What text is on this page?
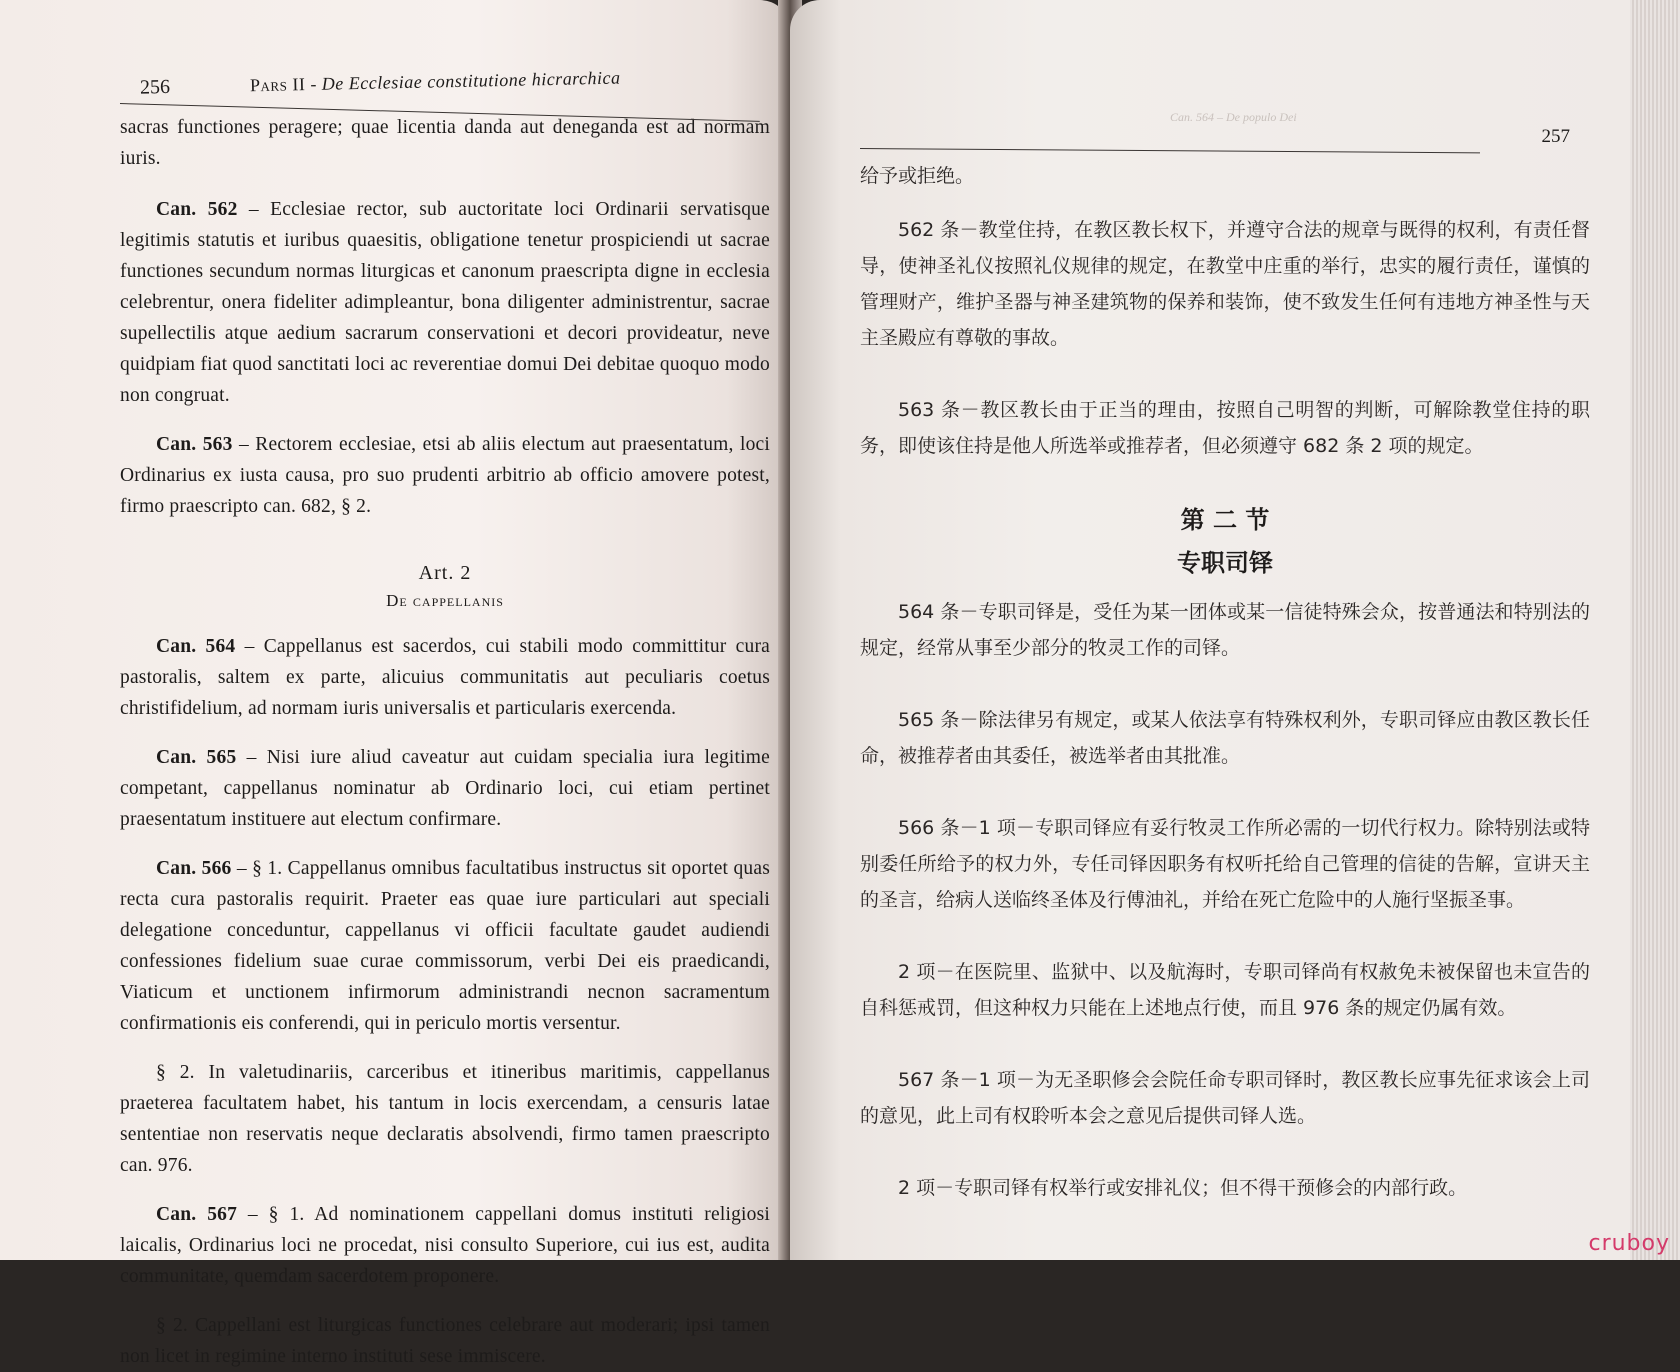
256	Pars II - De Ecclesiae constitutione hicrarchica

sacras functiones peragere; quae licentia danda aut deneganda est ad normam iuris.

Can. 562 – Ecclesiae rector, sub auctoritate loci Ordinarii servatisque legitimis statutis et iuribus quaesitis, obligatione tenetur prospiciendi ut sacrae functiones secundum normas liturgicas et canonum praescripta digne in ecclesia celebrentur, onera fideliter adimpleantur, bona diligenter administrentur, sacrae supellectilis atque aedium sacrarum conservationi et decori provideatur, neve quidpiam fiat quod sanctitati loci ac reverentiae domui Dei debitae quoquo modo non congruat.

Can. 563 – Rectorem ecclesiae, etsi ab aliis electum aut praesentatum, loci Ordinarius ex iusta causa, pro suo prudenti arbitrio ab officio amovere potest, firmo praescripto can. 682, § 2.

Art. 2
De cappellanis

Can. 564 – Cappellanus est sacerdos, cui stabili modo committitur cura pastoralis, saltem ex parte, alicuius communitatis aut peculiaris coetus christifidelium, ad normam iuris universalis et particularis exercenda.

Can. 565 – Nisi iure aliud caveatur aut cuidam specialia iura legitime competant, cappellanus nominatur ab Ordinario loci, cui etiam pertinet praesentatum instituere aut electum confirmare.

Can. 566 – § 1. Cappellanus omnibus facultatibus instructus sit oportet quas recta cura pastoralis requirit. Praeter eas quae iure particulari aut speciali delegatione conceduntur, cappellanus vi officii facultate gaudet audiendi confessiones fidelium suae curae commissorum, verbi Dei eis praedicandi, Viaticum et unctionem infirmorum administrandi necnon sacramentum confirmationis eis conferendi, qui in periculo mortis versentur.

§ 2. In valetudinariis, carceribus et itineribus maritimis, cappellanus praeterea facultatem habet, his tantum in locis exercendam, a censuris latae sententiae non reservatis neque declaratis absolvendi, firmo tamen praescripto can. 976.

Can. 567 – § 1. Ad nominationem cappellani domus instituti religiosi laicalis, Ordinarius loci ne procedat, nisi consulto Superiore, cui ius est, audita communitate, quemdam sacerdotem proponere.

§ 2. Cappellani est liturgicas functiones celebrare aut moderari; ipsi tamen non licet in regimine interno instituti sese immiscere.

Can. 564 – De populo Dei
257

给予或拒绝。

562 条－教堂住持，在教区教长权下，并遵守合法的规章与既得的权利，有责任督导，使神圣礼仪按照礼仪规律的规定，在教堂中庄重的举行，忠实的履行责任，谨慎的管理财产，维护圣器与神圣建筑物的保养和装饰，使不致发生任何有违地方神圣性与天主圣殿应有尊敬的事故。

563 条－教区教长由于正当的理由，按照自己明智的判断，可解除教堂住持的职务，即使该住持是他人所选举或推荐者，但必须遵守 682 条 2 项的规定。

第 二 节
专职司铎

564 条－专职司铎是，受任为某一团体或某一信徒特殊会众，按普通法和特别法的规定，经常从事至少部分的牧灵工作的司铎。

565 条－除法律另有规定，或某人依法享有特殊权利外，专职司铎应由教区教长任命，被推荐者由其委任，被选举者由其批准。

566 条－1 项－专职司铎应有妥行牧灵工作所必需的一切代行权力。除特别法或特别委任所给予的权力外，专任司铎因职务有权听托给自己管理的信徒的告解，宣讲天主的圣言，给病人送临终圣体及行傅油礼，并给在死亡危险中的人施行坚振圣事。

2 项－在医院里、监狱中、以及航海时，专职司铎尚有权赦免未被保留也未宣告的自科惩戒罚，但这种权力只能在上述地点行使，而且 976 条的规定仍属有效。

567 条－1 项－为无圣职修会会院任命专职司铎时，教区教长应事先征求该会上司的意见，此上司有权聆听本会之意见后提供司铎人选。

2 项－专职司铎有权举行或安排礼仪；但不得干预修会的内部行政。

cruboy
